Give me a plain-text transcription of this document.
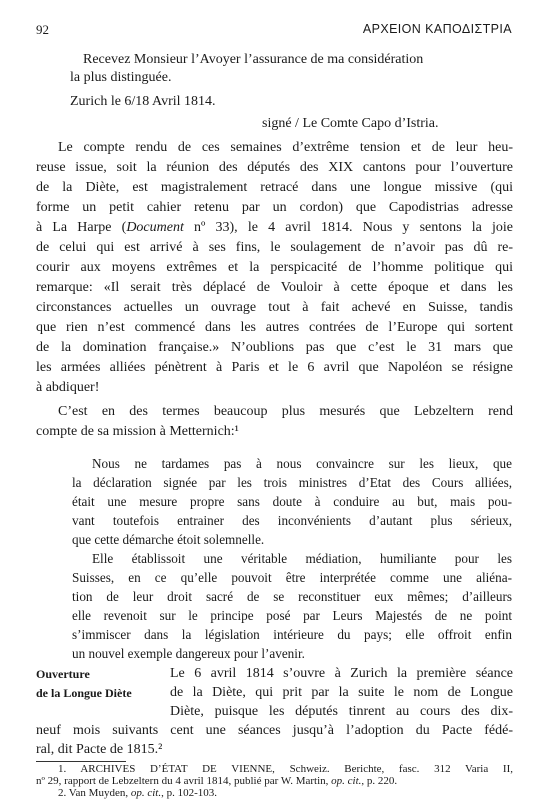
92	ΑΡΧΕΙΟΝ ΚΑΠΟΔΙΣΤΡΙΑ
Recevez Monsieur l’Avoyer l’assurance de ma considération
la plus distinguée.
Zurich le 6/18 Avril 1814.
signé / Le Comte Capo d’Istria.
Le compte rendu de ces semaines d’extrême tension et de leur heu-
reuse issue, soit la réunion des députés des XIX cantons pour l’ouverture
de la Diète, est magistralement retracé dans une longue missive (qui
forme un petit cahier retenu par un cordon) que Capodistrias adresse
à La Harpe (Document nº 33), le 4 avril 1814. Nous y sentons la joie
de celui qui est arrivé à ses fins, le soulagement de n’avoir pas dû re-
courir aux moyens extrêmes et la perspicacité de l’homme politique qui
remarque: «Il serait très déplacé de Vouloir à cette époque et dans les
circonstances actuelles un ouvrage tout à fait achevé en Suisse, tandis
que rien n’est commencé dans les autres contrées de l’Europe qui sortent
de la domination française.» N’oublions pas que c’est le 31 mars que
les armées alliées pénètrent à Paris et le 6 avril que Napoléon se résigne
à abdiquer!
C’est en des termes beaucoup plus mesurés que Lebzeltern rend
compte de sa mission à Metternich:¹
Nous ne tardames pas à nous convaincre sur les lieux, que
la déclaration signée par les trois ministres d’Etat des Cours alliées,
était une mesure propre sans doute à conduire au but, mais pou-
vant toutefois entrainer des inconvénients d’autant plus sérieux,
que cette démarche étoit solemnelle.
Elle établissoit une véritable médiation, humiliante pour les
Suisses, en ce qu’elle pouvoit être interprétée comme une aliéna-
tion de leur droit sacré de se reconstituer eux mêmes; d’ailleurs
elle revenoit sur le principe posé par Leurs Majestés de ne point
s’immiscer dans la législation intérieure du pays; elle offroit enfin
un nouvel exemple dangereux pour l’avenir.
Ouverture
de la Longue Diète
Le 6 avril 1814 s’ouvre à Zurich la première séance
de la Diète, qui prit par la suite le nom de Longue
Diète, puisque les députés tinrent au cours des dix-
neuf mois suivants cent une séances jusqu’à l’adoption du Pacte fédé-
ral, dit Pacte de 1815.²
1. ARCHIVES D’ÉTAT DE VIENNE, Schweiz. Berichte, fasc. 312 Varia II,
nº 29, rapport de Lebzeltern du 4 avril 1814, publié par W. Martin, op. cit., p. 220.
2. Van Muyden, op. cit., p. 102-103.
